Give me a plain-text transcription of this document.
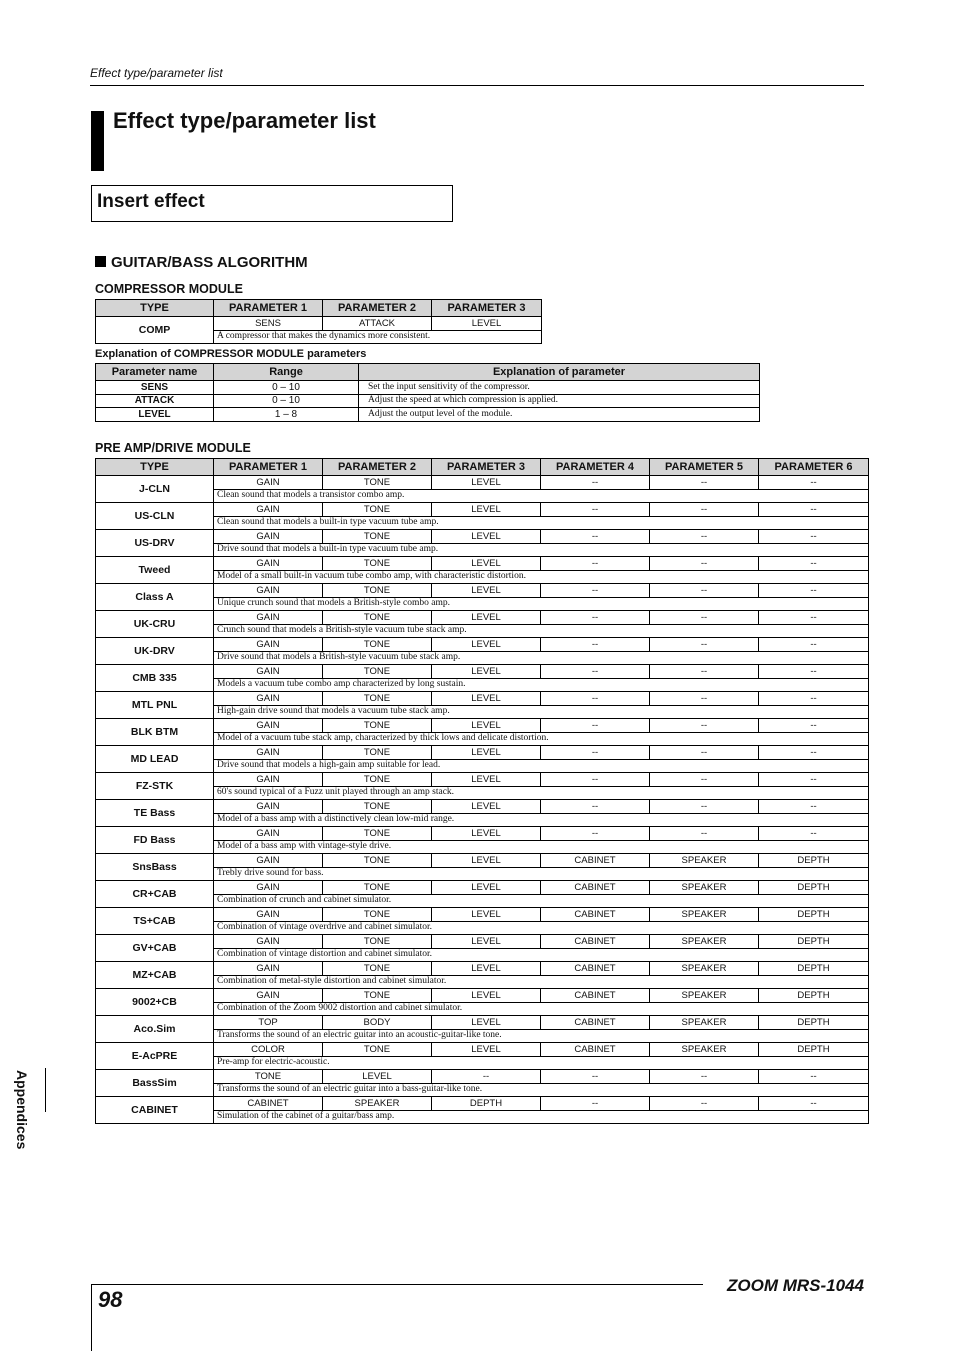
Effect type/parameter list
Effect type/parameter list
Insert effect
GUITAR/BASS ALGORITHM
COMPRESSOR MODULE
TYPE	PARAMETER 1	PARAMETER 2	PARAMETER 3
COMP	SENS	ATTACK	LEVEL
	A compressor that makes the dynamics more consistent.		
Explanation of COMPRESSOR MODULE parameters
Parameter name	Range	Explanation of parameter
SENS	0 – 10	Set the input sensitivity of the compressor.
ATTACK	0 – 10	Adjust the speed at which compression is applied.
LEVEL	1 – 8	Adjust the output level of the module.
PRE AMP/DRIVE MODULE
TYPE	PARAMETER 1	PARAMETER 2	PARAMETER 3	PARAMETER 4	PARAMETER 5	PARAMETER 6
J-CLN	GAIN	TONE	LEVEL	--	--	--
	Clean sound that models a transistor combo amp.					
US-CLN	GAIN	TONE	LEVEL	--	--	--
	Clean sound that models a built-in type vacuum tube amp.					
US-DRV	GAIN	TONE	LEVEL	--	--	--
	Drive sound that models a built-in type vacuum tube amp.					
Tweed	GAIN	TONE	LEVEL	--	--	--
	Model of a small built-in vacuum tube combo amp, with characteristic distortion.					
Class A	GAIN	TONE	LEVEL	--	--	--
	Unique crunch sound that models a British-style combo amp.					
UK-CRU	GAIN	TONE	LEVEL	--	--	--
	Crunch sound that models a British-style vacuum tube stack amp.					
UK-DRV	GAIN	TONE	LEVEL	--	--	--
	Drive sound that models a British-style vacuum tube stack amp.					
CMB 335	GAIN	TONE	LEVEL	--	--	--
	Models a vacuum tube combo amp characterized by long sustain.					
MTL PNL	GAIN	TONE	LEVEL	--	--	--
	High-gain drive sound that models a vacuum tube stack amp.					
BLK BTM	GAIN	TONE	LEVEL	--	--	--
	Model of a vacuum tube stack amp, characterized by thick lows and delicate distortion.					
MD LEAD	GAIN	TONE	LEVEL	--	--	--
	Drive sound that models a high-gain amp suitable for lead.					
FZ-STK	GAIN	TONE	LEVEL	--	--	--
	60's sound typical of a Fuzz unit played through an amp stack.					
TE Bass	GAIN	TONE	LEVEL	--	--	--
	Model of a bass amp with a distinctively clean low-mid range.					
FD Bass	GAIN	TONE	LEVEL	--	--	--
	Model of a bass amp with vintage-style drive.					
SnsBass	GAIN	TONE	LEVEL	CABINET	SPEAKER	DEPTH
	Trebly drive sound for bass.					
CR+CAB	GAIN	TONE	LEVEL	CABINET	SPEAKER	DEPTH
	Combination of crunch and cabinet simulator.					
TS+CAB	GAIN	TONE	LEVEL	CABINET	SPEAKER	DEPTH
	Combination of vintage overdrive and cabinet simulator.					
GV+CAB	GAIN	TONE	LEVEL	CABINET	SPEAKER	DEPTH
	Combination of vintage distortion and cabinet simulator.					
MZ+CAB	GAIN	TONE	LEVEL	CABINET	SPEAKER	DEPTH
	Combination of metal-style distortion and cabinet simulator.					
9002+CB	GAIN	TONE	LEVEL	CABINET	SPEAKER	DEPTH
	Combination of the Zoom 9002 distortion and cabinet simulator.					
Aco.Sim	TOP	BODY	LEVEL	CABINET	SPEAKER	DEPTH
	Transforms the sound of an electric guitar into an acoustic-guitar-like tone.					
E-AcPRE	COLOR	TONE	LEVEL	CABINET	SPEAKER	DEPTH
	Pre-amp for electric-acoustic.					
BassSim	TONE	LEVEL	--	--	--	--
	Transforms the sound of an electric guitar into a bass-guitar-like tone.					
CABINET	CABINET	SPEAKER	DEPTH	--	--	--
	Simulation of the cabinet of a guitar/bass amp.					
Appendices
98
ZOOM MRS-1044
